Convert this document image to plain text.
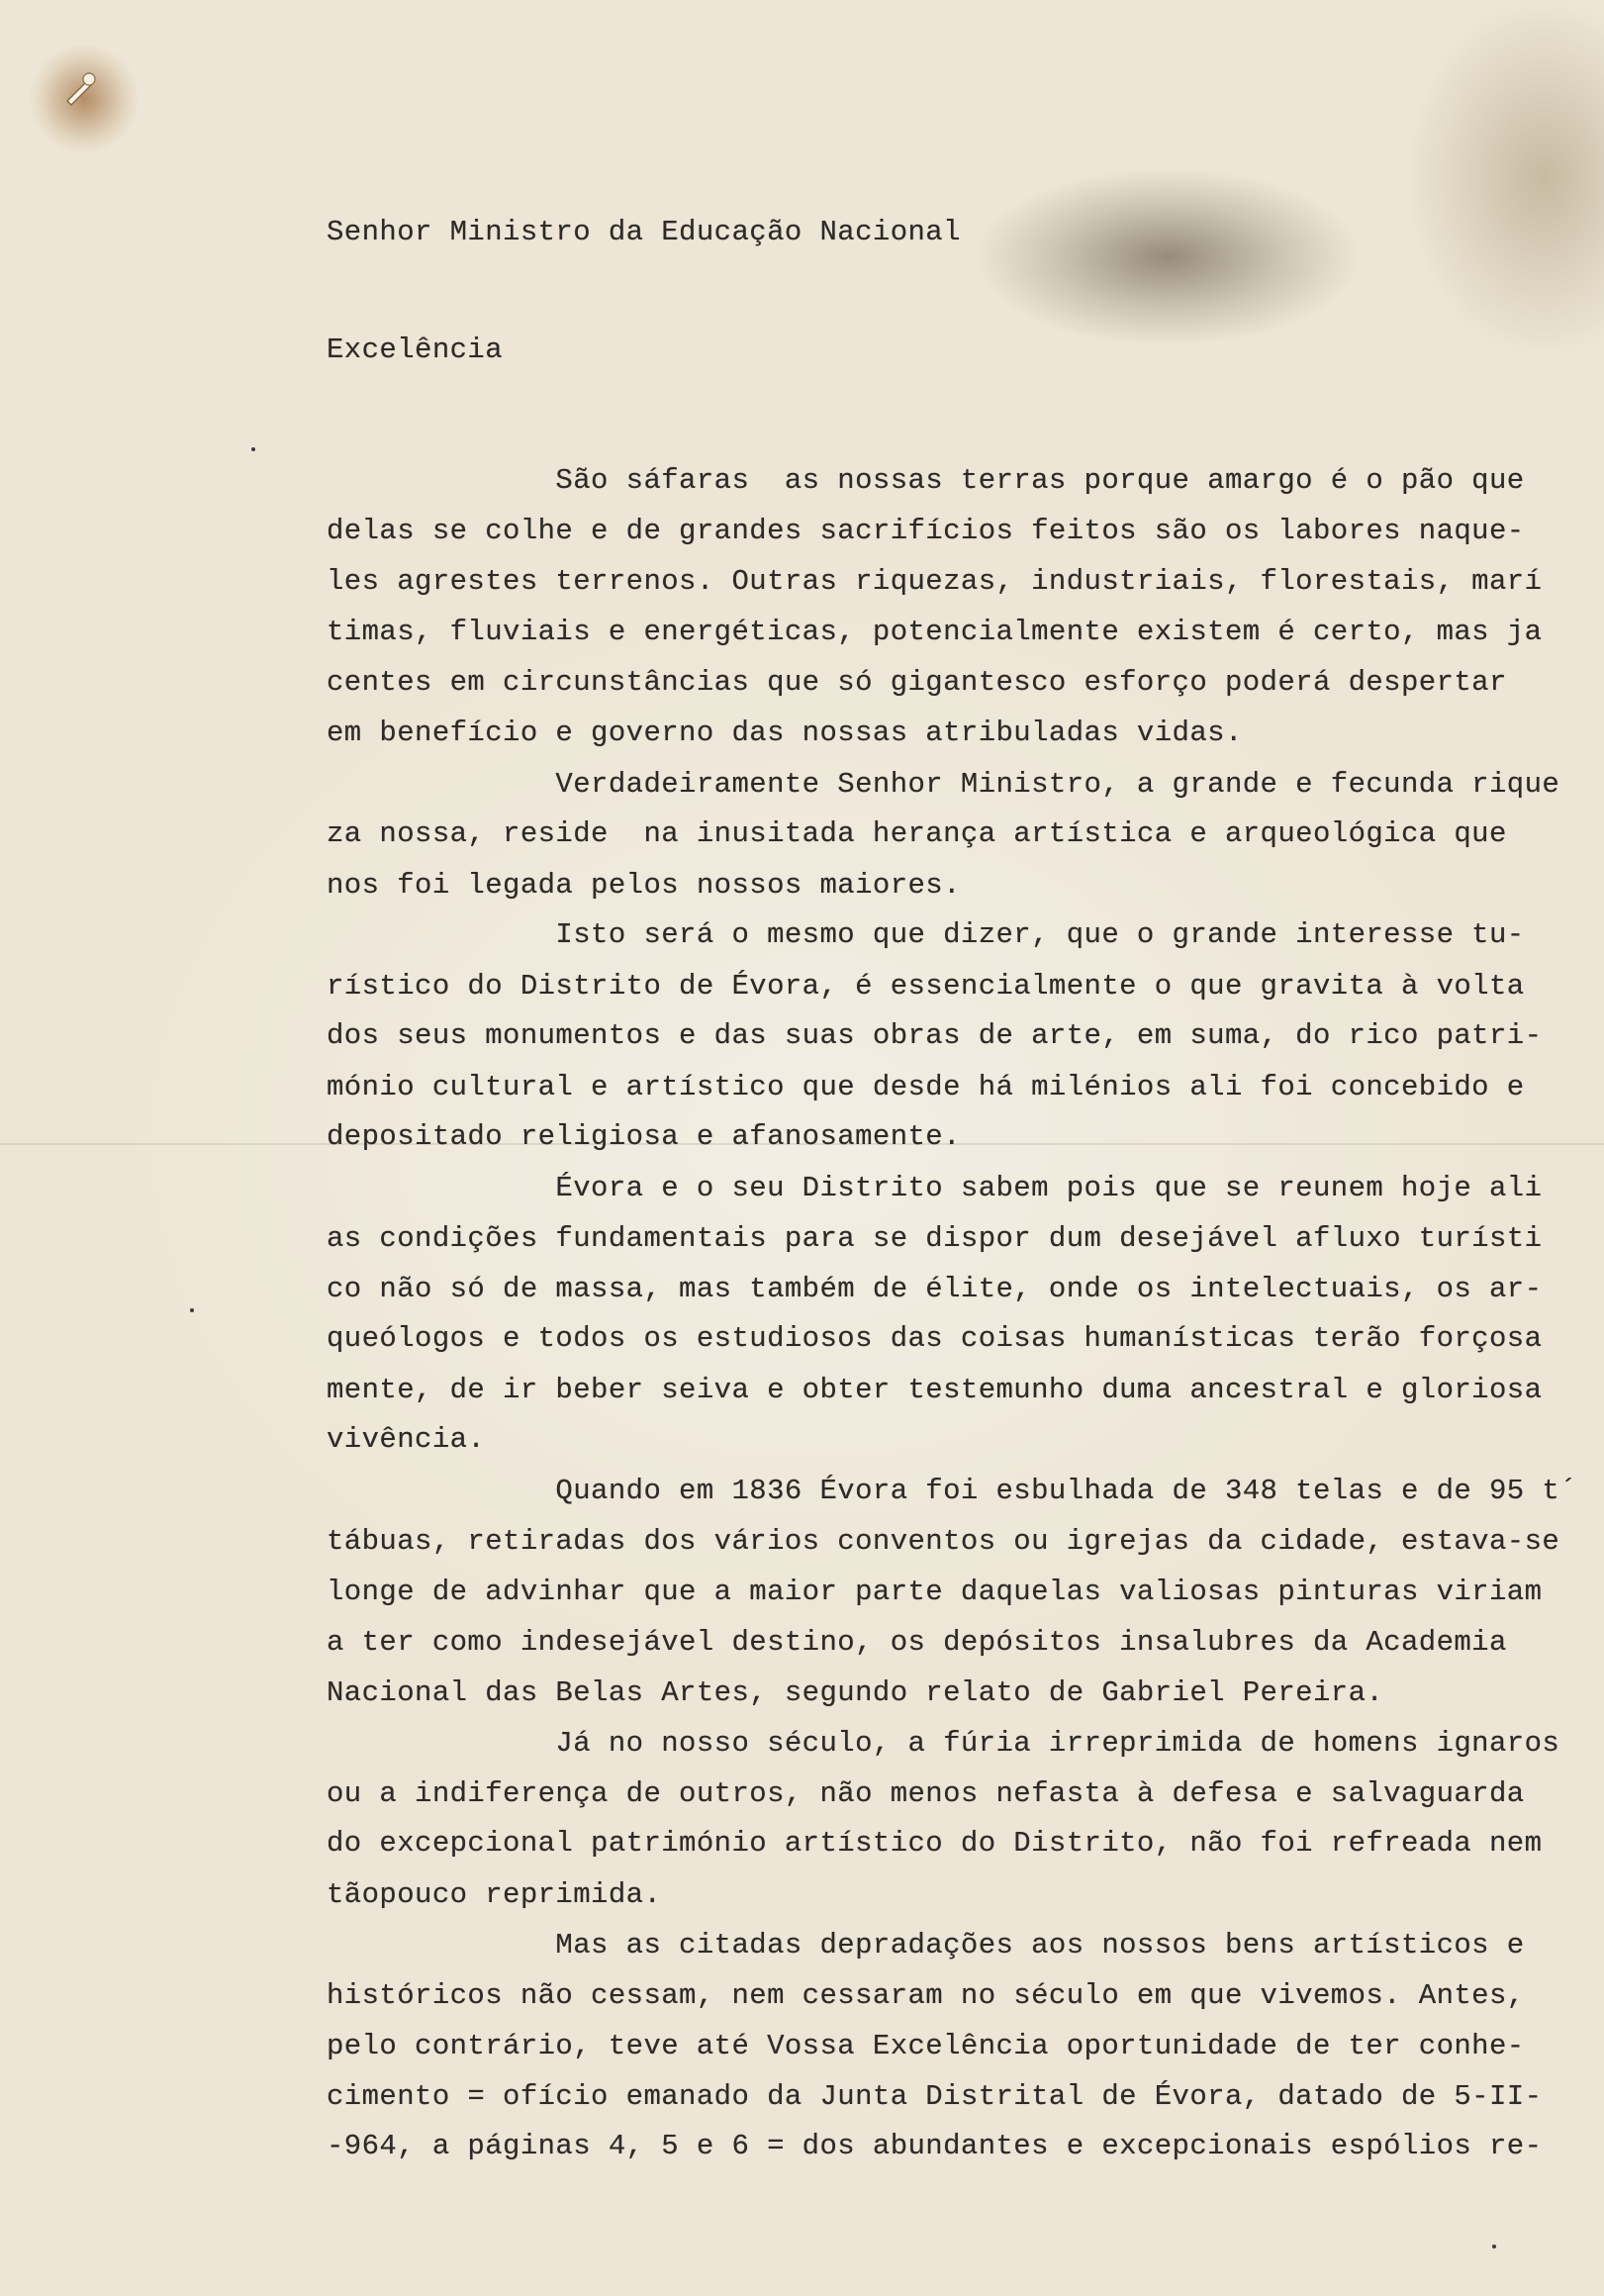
Senhor Ministro da Educação Nacional

Excelência

São sáfaras  as nossas terras porque amargo é o pão que

delas se colhe e de grandes sacrifícios feitos são os labores naque-

les agrestes terrenos. Outras riquezas, industriais, florestais, marí

timas, fluviais e energéticas, potencialmente existem é certo, mas ja

centes em circunstâncias que só gigantesco esforço poderá despertar

em benefício e governo das nossas atribuladas vidas.

Verdadeiramente Senhor Ministro, a grande e fecunda rique

za nossa, reside  na inusitada herança artística e arqueológica que

nos foi legada pelos nossos maiores.

Isto será o mesmo que dizer, que o grande interesse tu-

rístico do Distrito de Évora, é essencialmente o que gravita à volta

dos seus monumentos e das suas obras de arte, em suma, do rico patri-

mónio cultural e artístico que desde há milénios ali foi concebido e

depositado religiosa e afanosamente.

Évora e o seu Distrito sabem pois que se reunem hoje ali

as condições fundamentais para se dispor dum desejável afluxo turísti

co não só de massa, mas também de élite, onde os intelectuais, os ar-

queólogos e todos os estudiosos das coisas humanísticas terão forçosa

mente, de ir beber seiva e obter testemunho duma ancestral e gloriosa

vivência.

Quando em 1836 Évora foi esbulhada de 348 telas e de 95 t´

tábuas, retiradas dos vários conventos ou igrejas da cidade, estava-se

longe de advinhar que a maior parte daquelas valiosas pinturas viriam

a ter como indesejável destino, os depósitos insalubres da Academia

Nacional das Belas Artes, segundo relato de Gabriel Pereira.

Já no nosso século, a fúria irreprimida de homens ignaros

ou a indiferença de outros, não menos nefasta à defesa e salvaguarda

do excepcional património artístico do Distrito, não foi refreada nem

tãopouco reprimida.

Mas as citadas depradações aos nossos bens artísticos e

históricos não cessam, nem cessaram no século em que vivemos. Antes,

pelo contrário, teve até Vossa Excelência oportunidade de ter conhe-

cimento = ofício emanado da Junta Distrital de Évora, datado de 5-II-

-964, a páginas 4, 5 e 6 = dos abundantes e excepcionais espólios re-
